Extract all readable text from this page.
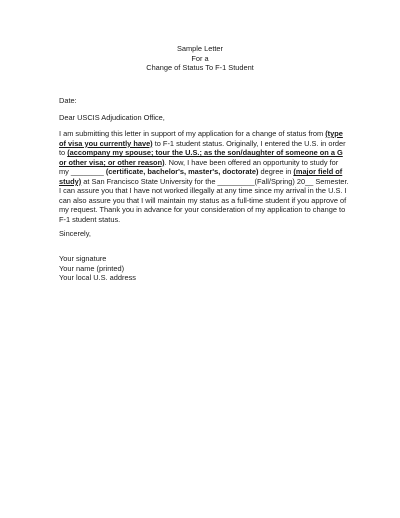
Sample Letter
For a
Change of Status To F-1 Student
Date:
Dear USCIS Adjudication Office,
I am submitting this letter in support of my application for a change of status from (type
of visa you currently have) to F-1 student status. Originally, I entered the U.S. in order
to (accompany my spouse; tour the U.S.; as the son/daughter of someone on a G
or other visa; or other reason). Now, I have been offered an opportunity to study for
my ________ (certificate, bachelor's, master's, doctorate) degree in (major field of
study) at San Francisco State University for the _________(Fall/Spring) 20__ Semester.
I can assure you that I have not worked illegally at any time since my arrival in the U.S. I
can also assure you that I will maintain my status as a full-time student if you approve of
my request. Thank you in advance for your consideration of my application to change to
F-1 student status.
Sincerely,
Your signature
Your name (printed)
Your local U.S. address
